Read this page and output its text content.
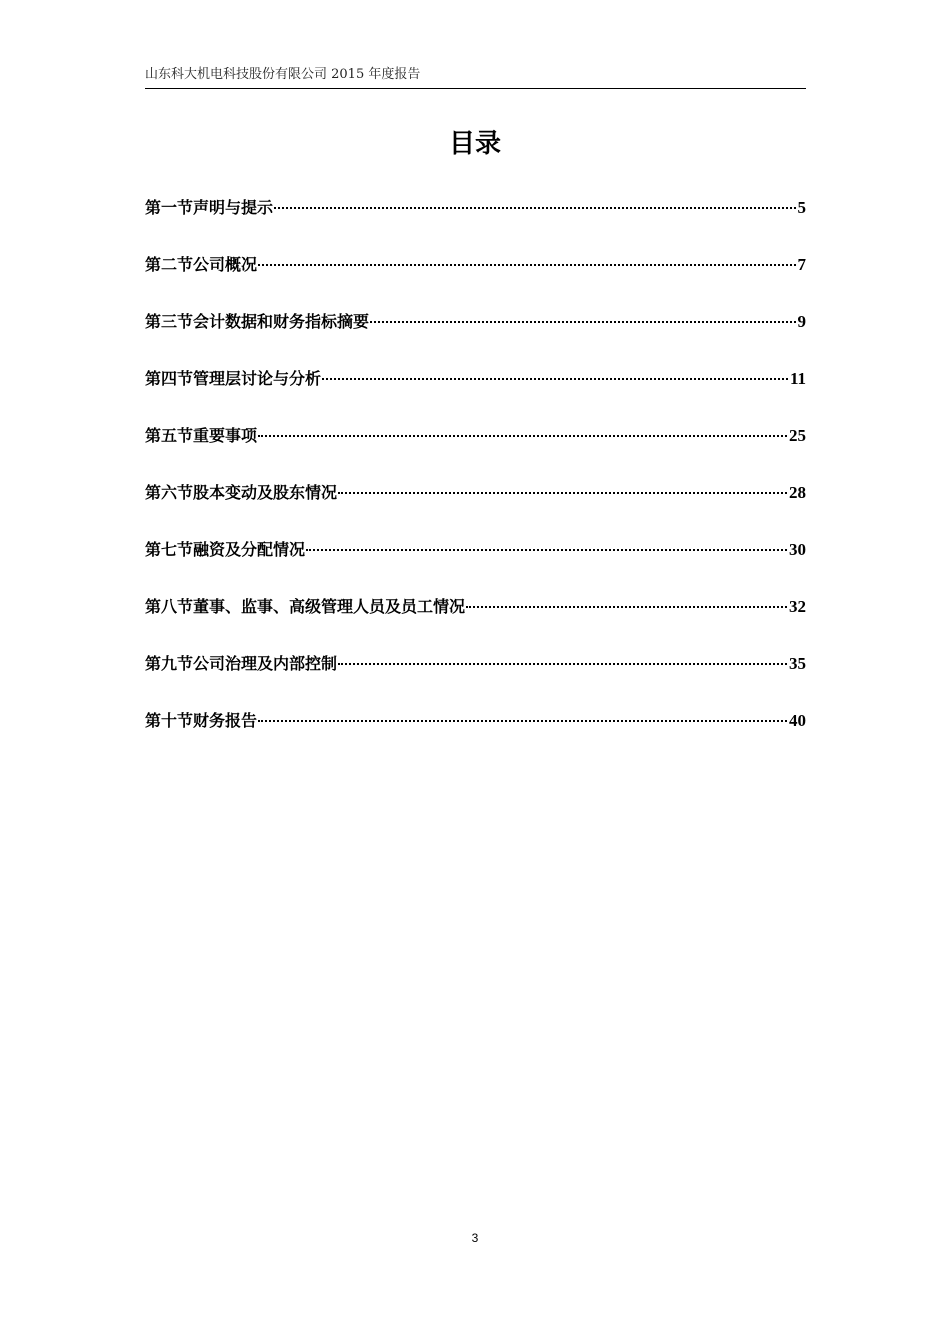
山东科大机电科技股份有限公司 2015 年度报告
目录
第一节声明与提示	5
第二节公司概况	7
第三节会计数据和财务指标摘要	9
第四节管理层讨论与分析	11
第五节重要事项	25
第六节股本变动及股东情况	28
第七节融资及分配情况	30
第八节董事、监事、高级管理人员及员工情况	32
第九节公司治理及内部控制	35
第十节财务报告	40
3
